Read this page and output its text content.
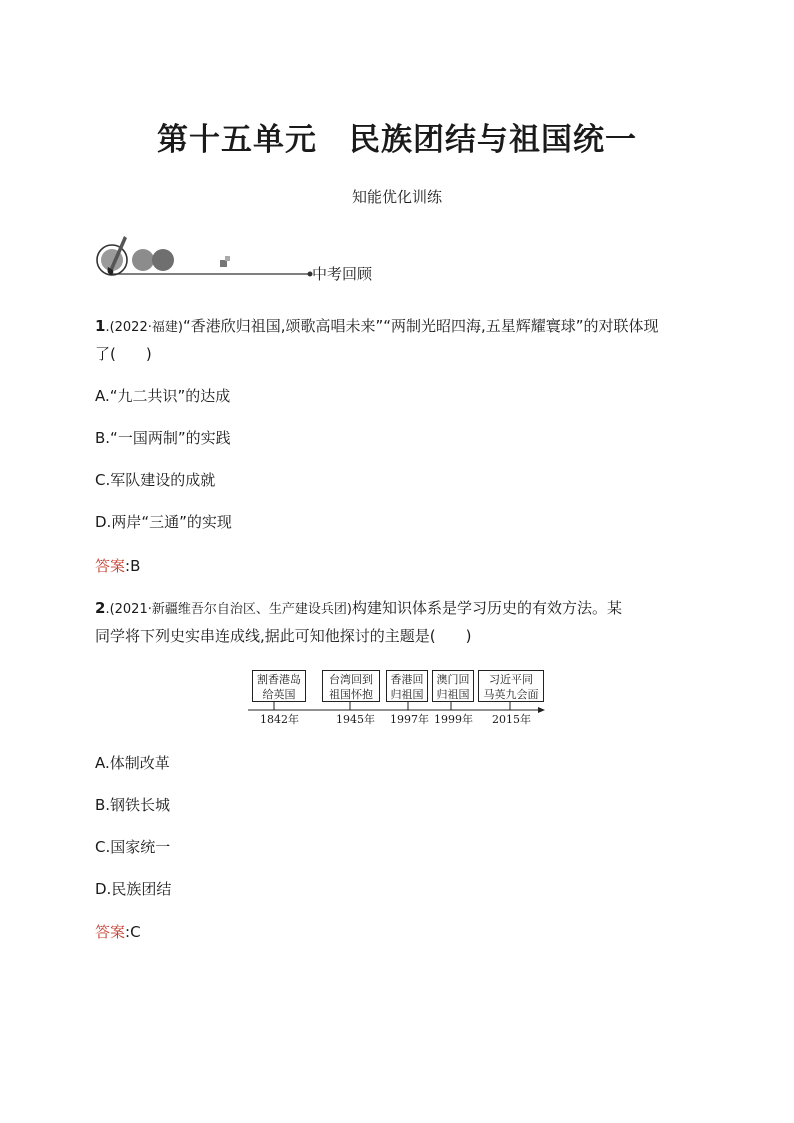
第十五单元　民族团结与祖国统一
知能优化训练
中考回顾
1.(2022·福建)“香港欣归祖国,颂歌高唱未来”“两制光昭四海,五星辉耀寰球”的对联体现
了(　　)
A.“九二共识”的达成
B.“一国两制”的实践
C.军队建设的成就
D.两岸“三通”的实现
答案:B
2.(2021·新疆维吾尔自治区、生产建设兵团)构建知识体系是学习历史的有效方法。某
同学将下列史实串连成线,据此可知他探讨的主题是(　　)
割香港岛
给英国
台湾回到
祖国怀抱
香港回
归祖国
澳门回
归祖国
习近平同
马英九会面
1842年	1945年 1997年 1999年 2015年
A.体制改革
B.钢铁长城
C.国家统一
D.民族团结
答案:C
